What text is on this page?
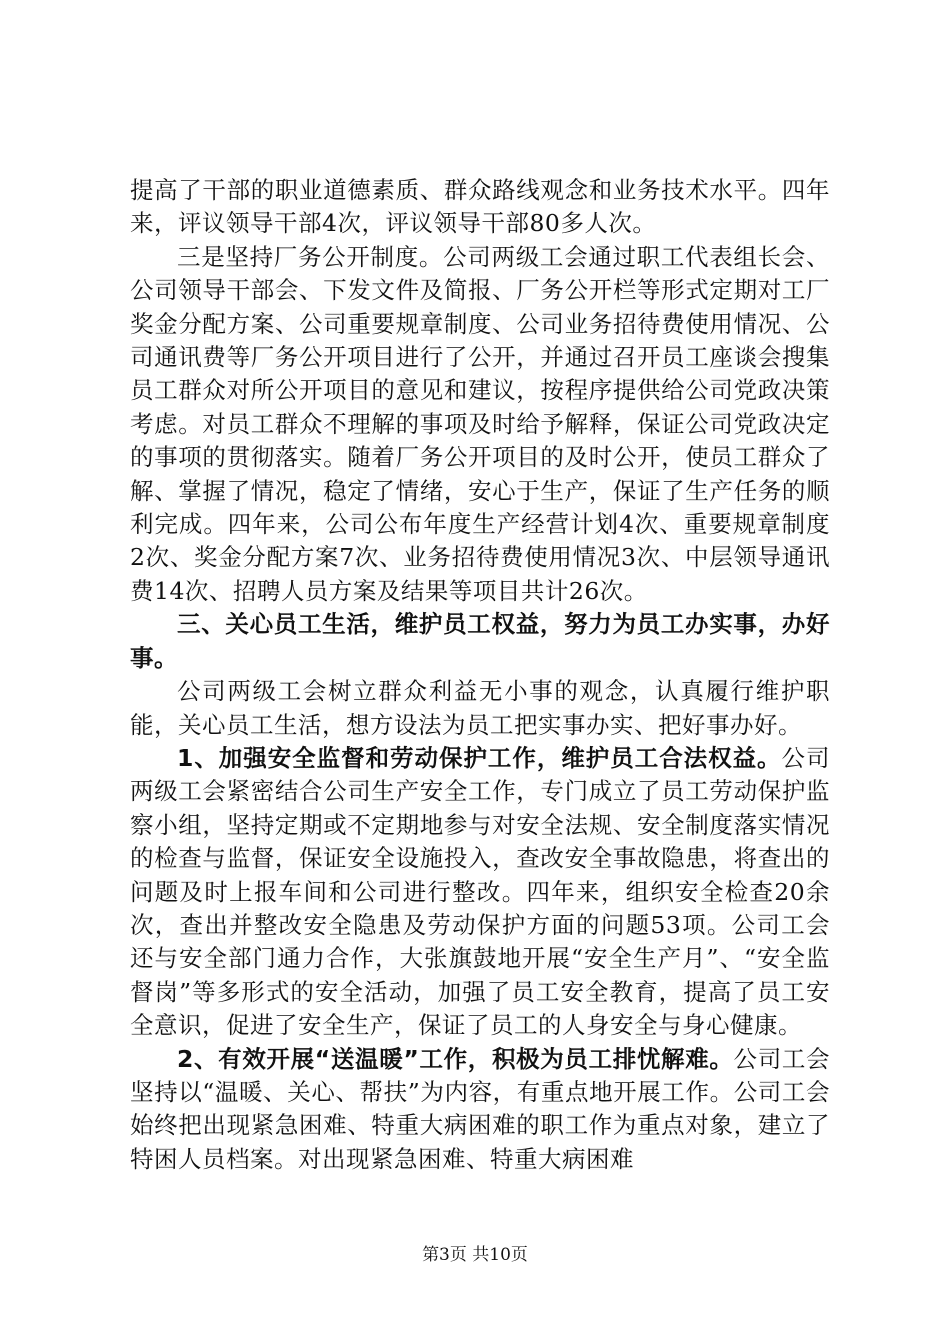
提高了干部的职业道德素质、群众路线观念和业务技术水平。四年来，评议领导干部4次，评议领导干部80多人次。

三是坚持厂务公开制度。公司两级工会通过职工代表组长会、公司领导干部会、下发文件及简报、厂务公开栏等形式定期对工厂奖金分配方案、公司重要规章制度、公司业务招待费使用情况、公司通讯费等厂务公开项目进行了公开，并通过召开员工座谈会搜集员工群众对所公开项目的意见和建议，按程序提供给公司党政决策考虑。对员工群众不理解的事项及时给予解释，保证公司党政决定的事项的贯彻落实。随着厂务公开项目的及时公开，使员工群众了解、掌握了情况，稳定了情绪，安心于生产，保证了生产任务的顺利完成。四年来，公司公布年度生产经营计划4次、重要规章制度2次、奖金分配方案7次、业务招待费使用情况3次、中层领导通讯费14次、招聘人员方案及结果等项目共计26次。

三、关心员工生活，维护员工权益，努力为员工办实事，办好事。

公司两级工会树立群众利益无小事的观念，认真履行维护职能，关心员工生活，想方设法为员工把实事办实、把好事办好。

1、加强安全监督和劳动保护工作，维护员工合法权益。公司两级工会紧密结合公司生产安全工作，专门成立了员工劳动保护监察小组，坚持定期或不定期地参与对安全法规、安全制度落实情况的检查与监督，保证安全设施投入，查改安全事故隐患，将查出的问题及时上报车间和公司进行整改。四年来，组织安全检查20余次，查出并整改安全隐患及劳动保护方面的问题53项。公司工会还与安全部门通力合作，大张旗鼓地开展“安全生产月”、“安全监督岗”等多形式的安全活动，加强了员工安全教育，提高了员工安全意识，促进了安全生产，保证了员工的人身安全与身心健康。

2、有效开展“送温暖”工作，积极为员工排忧解难。公司工会坚持以“温暖、关心、帮扶”为内容，有重点地开展工作。公司工会始终把出现紧急困难、特重大病困难的职工作为重点对象，建立了特困人员档案。对出现紧急困难、特重大病困难

第3页 共10页
